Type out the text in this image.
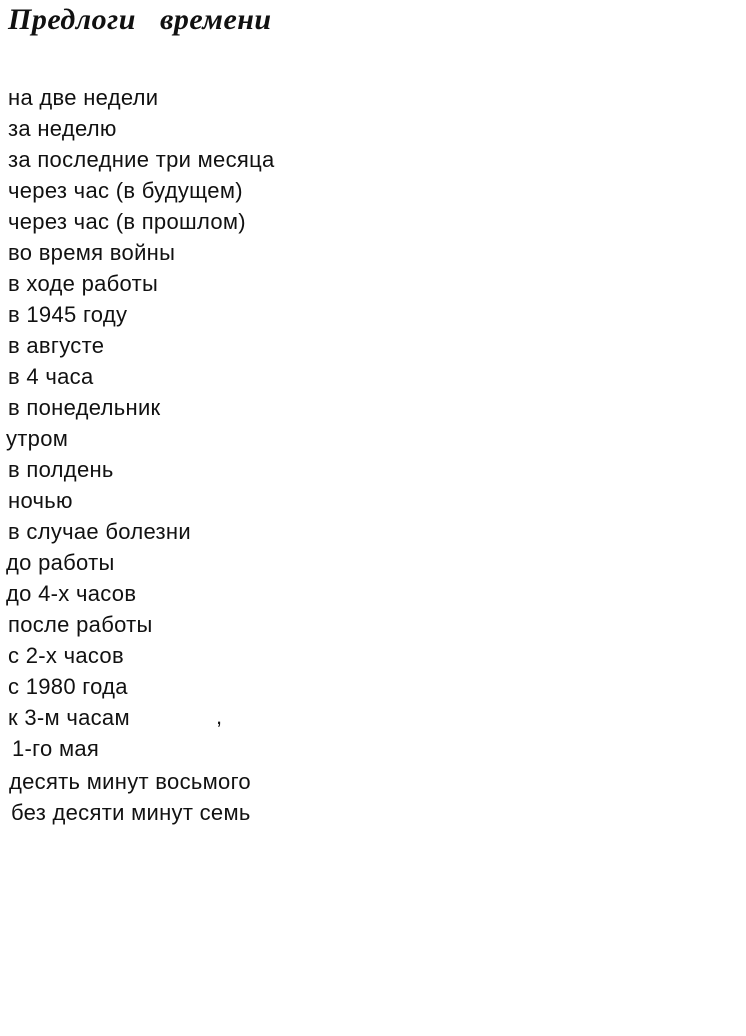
Предлоги   времени
на две недели
за неделю
за последние три месяца
через час (в будущем)
через час (в прошлом)
во время войны
в ходе работы
в 1945 году
в августе
в 4 часа
в понедельник
утром
в полдень
ночью
в случае болезни
до работы
до 4-х часов
после работы
с 2-х часов
с 1980 года
к 3-м часам
1-го мая
десять минут восьмого
без десяти минут семь
,
